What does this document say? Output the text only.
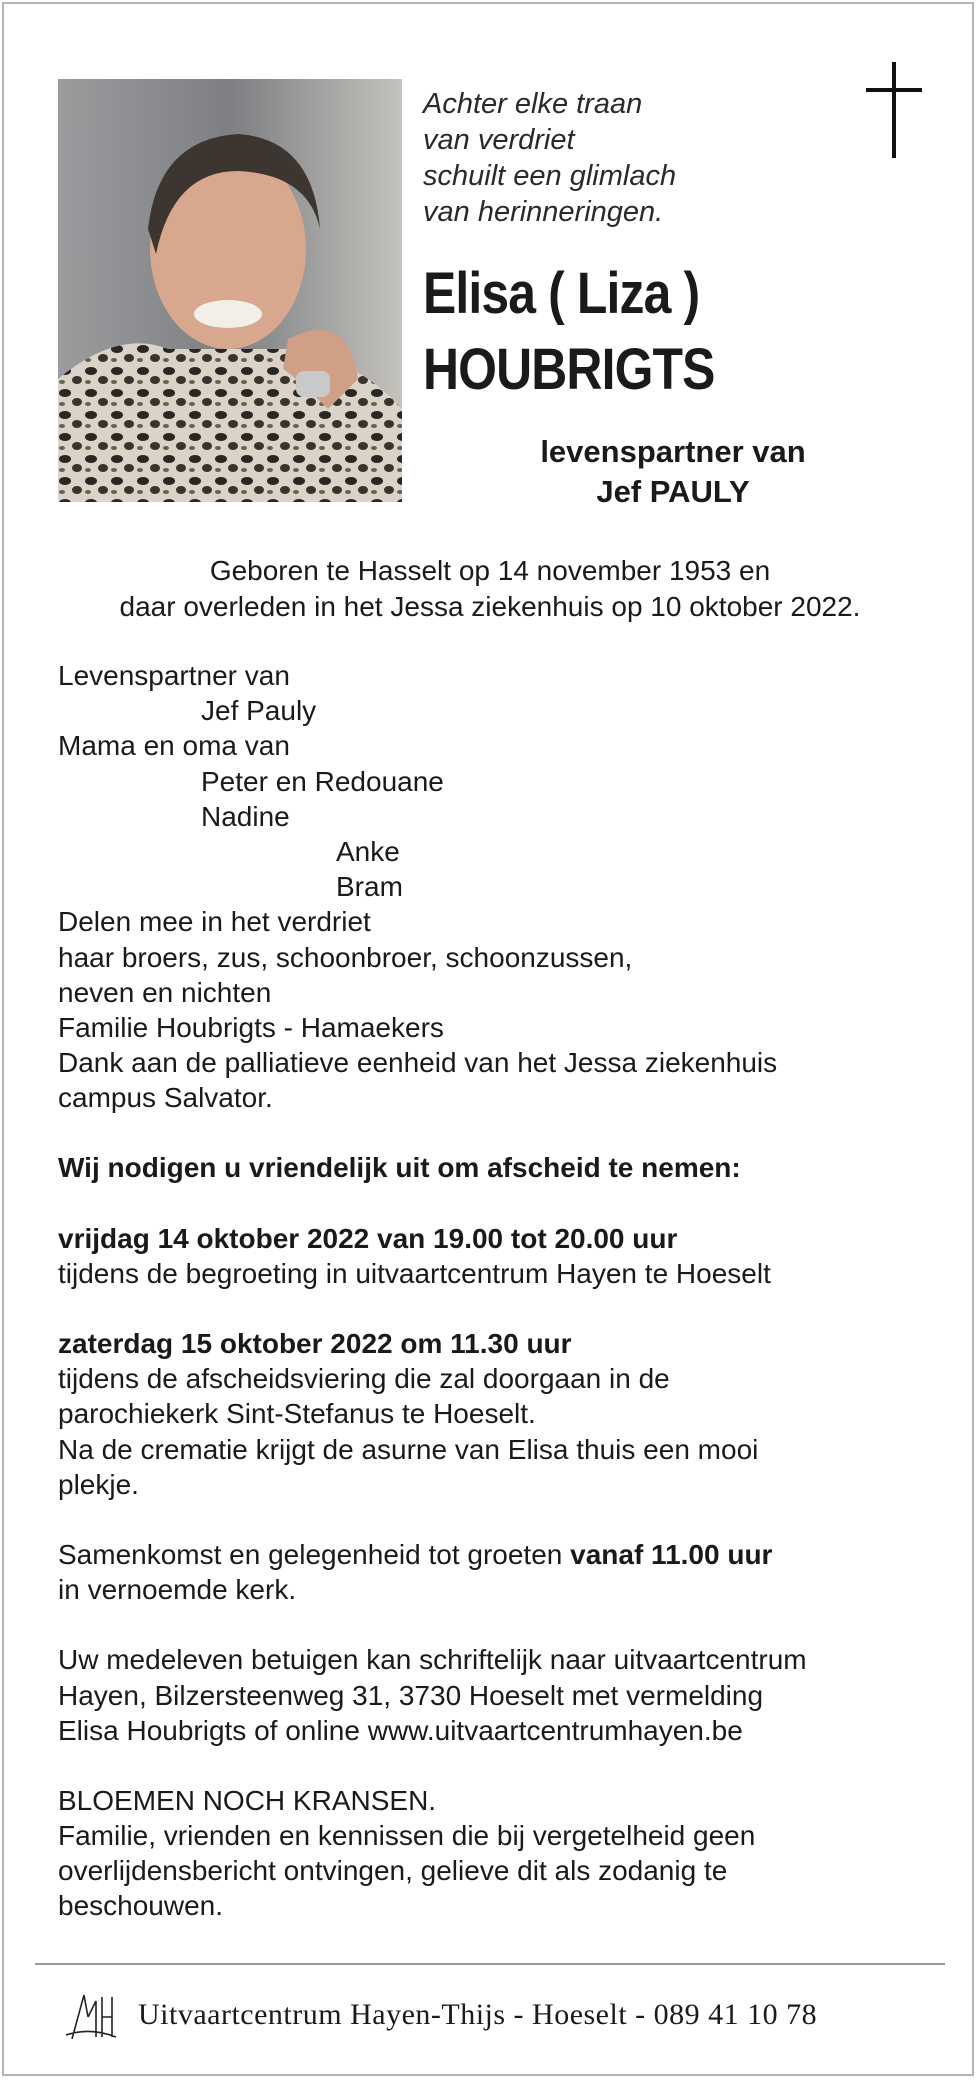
Achter elke traan
van verdriet
schuilt een glimlach
van herinneringen.
Elisa ( Liza )
HOUBRIGTS
levenspartner van
Jef PAULY
Geboren te Hasselt op 14 november 1953 en
daar overleden in het Jessa ziekenhuis op 10 oktober 2022.
Levenspartner van
Jef Pauly
Mama en oma van
Peter en Redouane
Nadine
Anke
Bram
Delen mee in het verdriet
haar broers, zus, schoonbroer, schoonzussen,
neven en nichten
Familie Houbrigts - Hamaekers
Dank aan de palliatieve eenheid van het Jessa ziekenhuis
campus Salvator.
Wij nodigen u vriendelijk uit om afscheid te nemen:
vrijdag 14 oktober 2022 van 19.00 tot 20.00 uur
tijdens de begroeting in uitvaartcentrum Hayen te Hoeselt
zaterdag 15 oktober 2022 om 11.30 uur
tijdens de afscheidsviering die zal doorgaan in de
parochiekerk Sint-Stefanus te Hoeselt.
Na de crematie krijgt de asurne van Elisa thuis een mooi
plekje.
Samenkomst en gelegenheid tot groeten vanaf 11.00 uur
in vernoemde kerk.
Uw medeleven betuigen kan schriftelijk naar uitvaartcentrum
Hayen, Bilzersteenweg 31, 3730 Hoeselt met vermelding
Elisa Houbrigts of online www.uitvaartcentrumhayen.be
BLOEMEN NOCH KRANSEN.
Familie, vrienden en kennissen die bij vergetelheid geen
overlijdensbericht ontvingen, gelieve dit als zodanig te
beschouwen.
Uitvaartcentrum Hayen-Thijs - Hoeselt - 089 41 10 78
